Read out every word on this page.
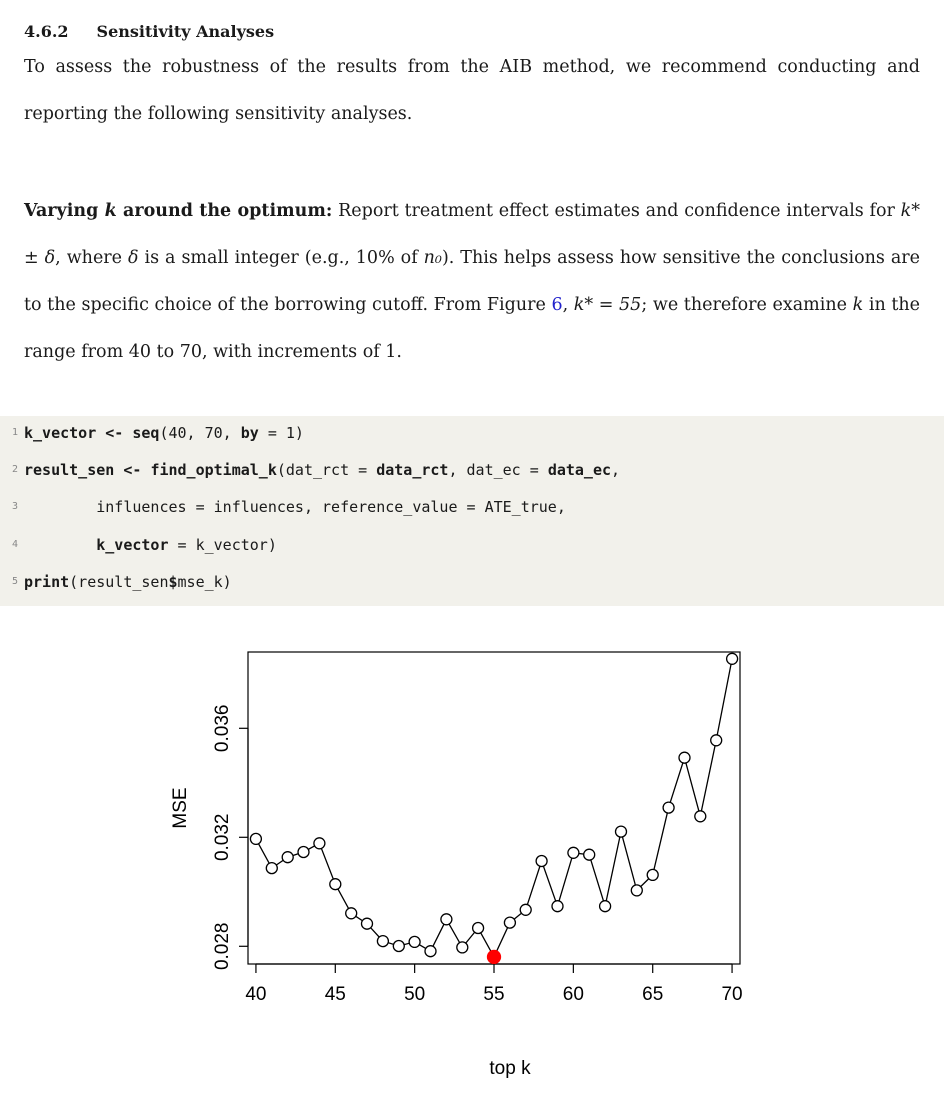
4.6.2 Sensitivity Analyses
To assess the robustness of the results from the AIB method, we recommend conducting and reporting the following sensitivity analyses.
Varying k around the optimum: Report treatment effect estimates and confidence intervals for k* ± δ, where δ is a small integer (e.g., 10% of n₀). This helps assess how sensitive the conclusions are to the specific choice of the borrowing cutoff. From Figure 6, k* = 55; we therefore examine k in the range from 40 to 70, with increments of 1.
1 k_vector <- seq(40, 70, by = 1)
2 result_sen <- find_optimal_k(dat_rct = data_rct, dat_ec = data_ec,
3 influences = influences, reference_value = ATE_true,
4	k_vector = k_vector)
5 print(result_sen$mse_k)
40	45	50	55	60	65	70
0.028
0.032
0.036
top k
MSE
